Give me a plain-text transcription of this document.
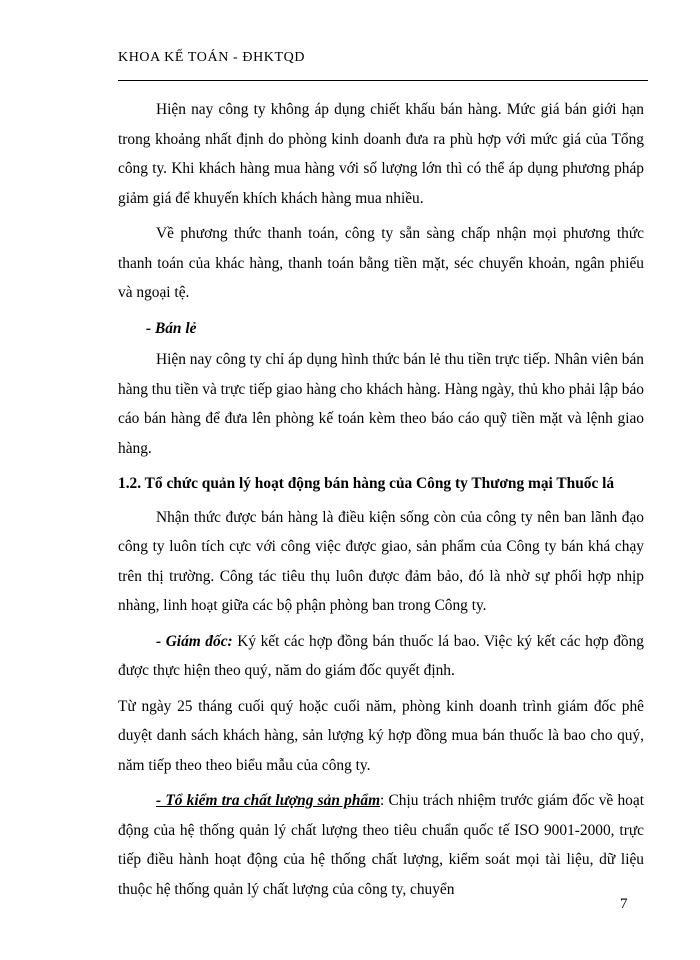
KHOA KẾ TOÁN - ĐHKTQD

Hiện nay công ty không áp dụng chiết khấu bán hàng. Mức giá bán giới hạn trong khoảng nhất định do phòng kinh doanh đưa ra phù hợp với mức giá của Tổng công ty. Khi khách hàng mua hàng với số lượng lớn thì có thể áp dụng phương pháp giảm giá để khuyến khích khách hàng mua nhiều.

Về phương thức thanh toán, công ty sẵn sàng chấp nhận mọi phương thức thanh toán của khác hàng, thanh toán bằng tiền mặt, séc chuyển khoản, ngân phiếu và ngoại tệ.

- Bán lẻ

Hiện nay công ty chỉ áp dụng hình thức bán lẻ thu tiền trực tiếp. Nhân viên bán hàng thu tiền và trực tiếp giao hàng cho khách hàng. Hàng ngày, thủ kho phải lập báo cáo bán hàng để đưa lên phòng kế toán kèm theo báo cáo quỹ tiền mặt và lệnh giao hàng.

1.2. Tổ chức quản lý hoạt động bán hàng của Công ty Thương mại Thuốc lá

Nhận thức được bán hàng là điều kiện sống còn của công ty nên ban lãnh đạo công ty luôn tích cực với công việc được giao, sản phẩm của Công ty bán khá chạy trên thị trường. Công tác tiêu thụ luôn được đảm bảo, đó là nhờ sự phối hợp nhịp nhàng, linh hoạt giữa các bộ phận phòng ban trong Công ty.

- Giám đốc: Ký kết các hợp đồng bán thuốc lá bao. Việc ký kết các hợp đồng được thực hiện theo quý, năm do giám đốc quyết định.

Từ ngày 25 tháng cuối quý hoặc cuối năm, phòng kinh doanh trình giám đốc phê duyệt danh sách khách hàng, sản lượng ký hợp đồng mua bán thuốc là bao cho quý, năm tiếp theo theo biểu mẫu của công ty.

- Tổ kiểm tra chất lượng sản phẩm: Chịu trách nhiệm trước giám đốc về hoạt động của hệ thống quản lý chất lượng theo tiêu chuẩn quốc tế ISO 9001-2000, trực tiếp điều hành hoạt động của hệ thống chất lượng, kiểm soát mọi tài liệu, dữ liệu thuộc hệ thống quản lý chất lượng của công ty, chuyển

7
